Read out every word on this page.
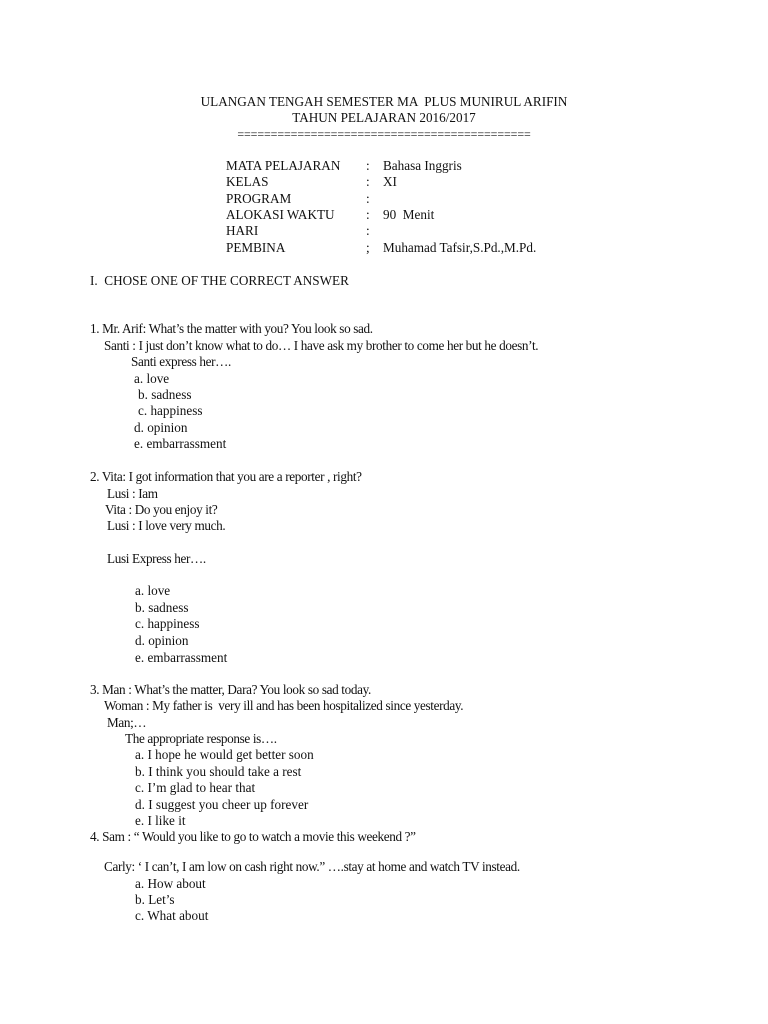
ULANGAN TENGAH SEMESTER MA  PLUS MUNIRUL ARIFIN
TAHUN PELAJARAN 2016/2017
============================================
MATA PELAJARAN : Bahasa Inggris
KELAS	: XI
PROGRAM	:
ALOKASI WAKTU : 90  Menit
HARI	:
PEMBINA	; Muhamad Tafsir,S.Pd.,M.Pd.
I.  CHOSE ONE OF THE CORRECT ANSWER
1. Mr. Arif: What’s the matter with you? You look so sad.
Santi : I just don’t know what to do… I have ask my brother to come her but he doesn’t.
Santi express her….
a. love
b. sadness
c. happiness
d. opinion
e. embarrassment
2. Vita: I got information that you are a reporter , right?
Lusi : Iam
Vita : Do you enjoy it?
Lusi : I love very much.
Lusi Express her….
a. love
b. sadness
c. happiness
d. opinion
e. embarrassment
3. Man : What’s the matter, Dara? You look so sad today.
Woman : My father is  very ill and has been hospitalized since yesterday.
Man;…
The appropriate response is….
a. I hope he would get better soon
b. I think you should take a rest
c. I’m glad to hear that
d. I suggest you cheer up forever
e. I like it
4. Sam : “ Would you like to go to watch a movie this weekend ?”
Carly: ‘ I can’t, I am low on cash right now.” ….stay at home and watch TV instead.
a. How about
b. Let’s
c. What about
